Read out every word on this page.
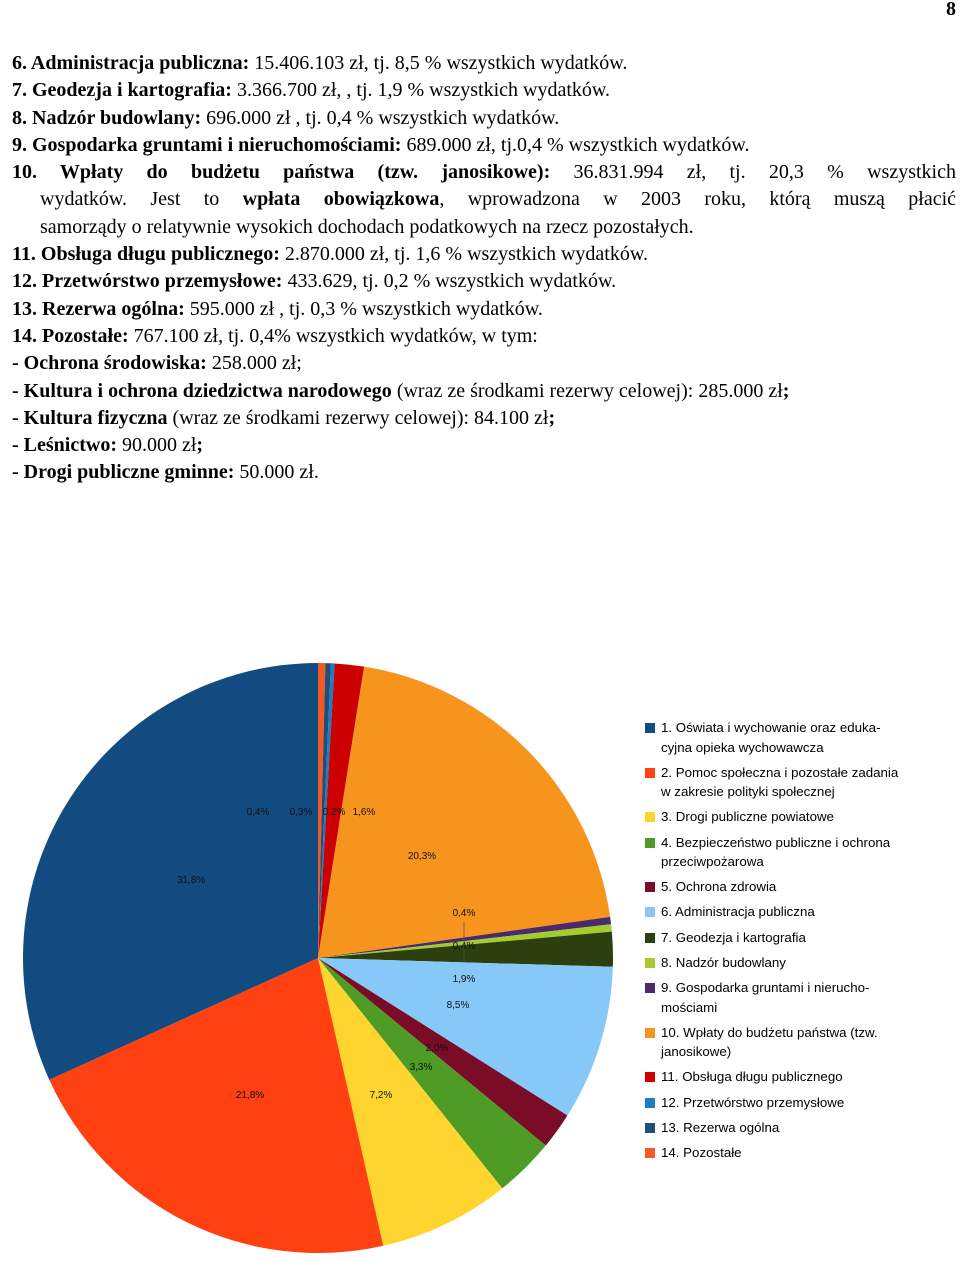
8
6. Administracja publiczna: 15.406.103 zł, tj. 8,5 % wszystkich wydatków.
7. Geodezja i kartografia: 3.366.700 zł, , tj. 1,9 % wszystkich wydatków.
8. Nadzór budowlany: 696.000 zł , tj. 0,4 % wszystkich wydatków.
9. Gospodarka gruntami i nieruchomościami: 689.000 zł, tj.0,4 % wszystkich wydatków.
10. Wpłaty do budżetu państwa (tzw. janosikowe): 36.831.994 zł, tj. 20,3 % wszystkich
wydatków. Jest to wpłata obowiązkowa, wprowadzona w 2003 roku, którą muszą płacić
samorządy o relatywnie wysokich dochodach podatkowych na rzecz pozostałych.
11. Obsługa długu publicznego: 2.870.000 zł, tj. 1,6 % wszystkich wydatków.
12. Przetwórstwo przemysłowe: 433.629, tj. 0,2 % wszystkich wydatków.
13. Rezerwa ogólna: 595.000 zł , tj. 0,3 % wszystkich wydatków.
14. Pozostałe: 767.100 zł, tj. 0,4% wszystkich wydatków, w tym:
- Ochrona środowiska: 258.000 zł;
- Kultura i ochrona dziedzictwa narodowego (wraz ze środkami rezerwy celowej): 285.000 zł;
- Kultura fizyczna (wraz ze środkami rezerwy celowej): 84.100 zł;
- Leśnictwo: 90.000 zł;
- Drogi publiczne gminne: 50.000 zł.
0,4% 0,3% 0,2% 1,6%
20,3%
0,4%
0,4%
1,9%
8,5%
2,0%
3,3%
7,2%
21,8%
31,8%
1. Oświata i wychowanie oraz eduka-
cyjna opieka wychowawcza
2. Pomoc społeczna i pozostałe zadania
w zakresie polityki społecznej
3. Drogi publiczne powiatowe
4. Bezpieczeństwo publiczne i ochrona
przeciwpożarowa
5. Ochrona zdrowia
6. Administracja publiczna
7. Geodezja i kartografia
8. Nadzór budowlany
9. Gospodarka gruntami i nierucho-
mościami
10. Wpłaty do budżetu państwa (tzw.
janosikowe)
11. Obsługa długu publicznego
12. Przetwórstwo przemysłowe
13. Rezerwa ogólna
14. Pozostałe
